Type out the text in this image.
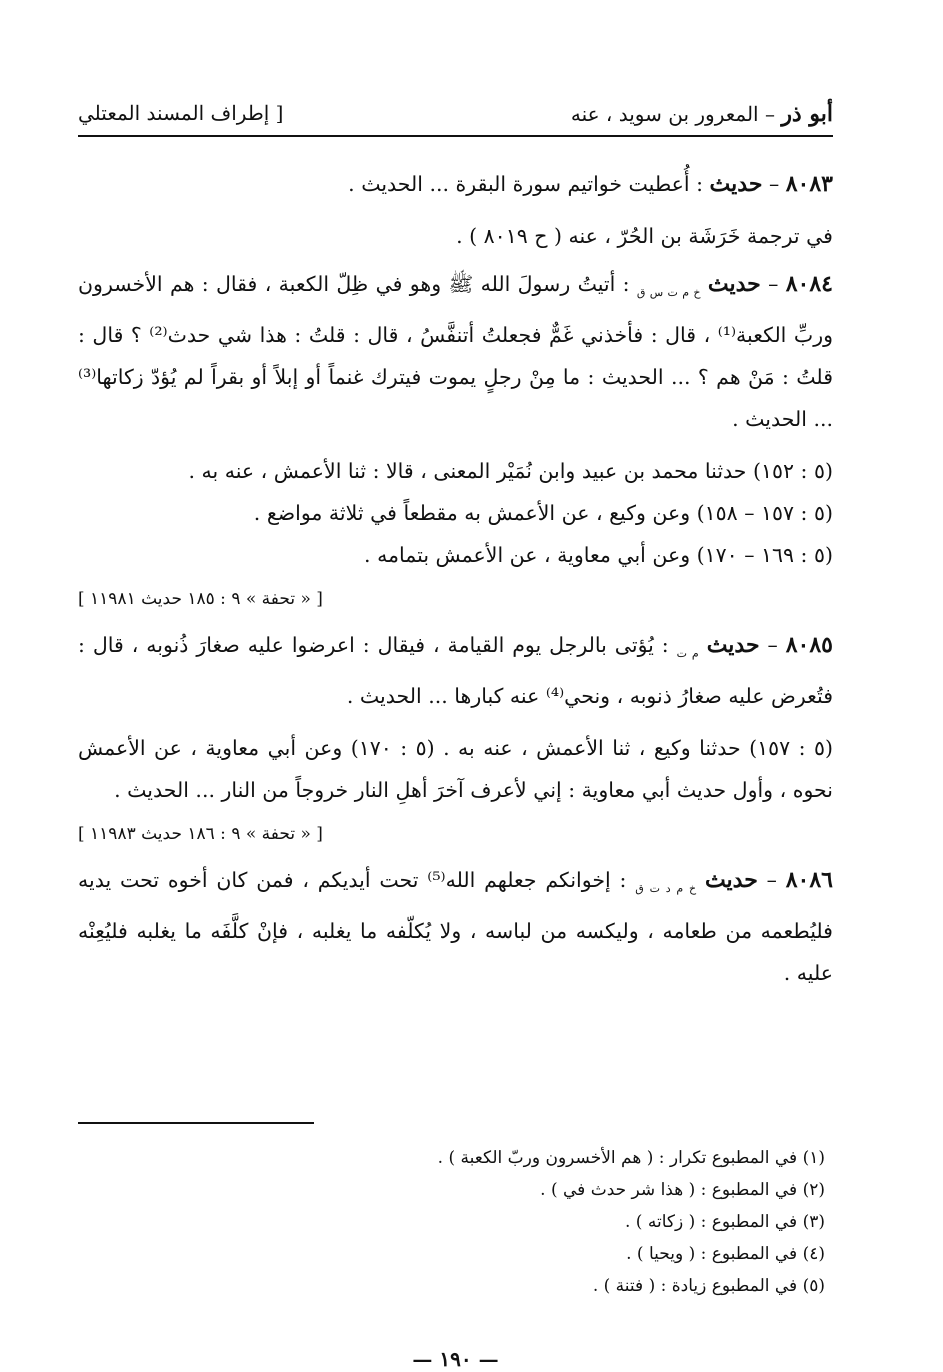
أبو ذر – المعرور بن سويد ، عنه
[ إطراف المسند المعتلي

٨٠٨٣ – حديث : أُعطيت خواتيم سورة البقرة ... الحديث .

في ترجمة خَرَشَة بن الحُرّ ، عنه ( ح ٨٠١٩ ) .

٨٠٨٤ – حديث $_{خ م ت س ق}$ : أتيتُ رسولَ الله ﷺ وهو في ظِلّ الكعبة ، فقال : هم الأخسرون وربِّ الكعبة⁽¹⁾ ، قال : فأخذني غَمٌّ فجعلتُ أتنفَّسُ ، قال : قلتُ : هذا شي حدث⁽²⁾ ؟ قال : قلتُ : مَنْ هم ؟ ... الحديث : ما مِنْ رجلٍ يموت فيترك غنماً أو إبلاً أو بقراً لم يُؤدّ زكاتها⁽³⁾ ... الحديث .

(٥ : ١٥٢) حدثنا محمد بن عبيد وابن نُمَيْر المعنى ، قالا : ثنا الأعمش ، عنه به .

(٥ : ١٥٧ – ١٥٨) وعن وكيع ، عن الأعمش به مقطعاً في ثلاثة مواضع .

(٥ : ١٦٩ – ١٧٠) وعن أبي معاوية ، عن الأعمش بتمامه .

[ « تحفة » ٩ : ١٨٥ حديث ١١٩٨١ ]

٨٠٨٥ – حديث $_{م ت}$ : يُؤتى بالرجل يوم القيامة ، فيقال : اعرضوا عليه صغارَ ذُنوبه ، قال : فتُعرض عليه صغارُ ذنوبه ، ونحي⁽⁴⁾ عنه كبارها ... الحديث .

(٥ : ١٥٧) حدثنا وكيع ، ثنا الأعمش ، عنه به . (٥ : ١٧٠) وعن أبي معاوية ، عن الأعمش نحوه ، وأول حديث أبي معاوية : إني لأعرف آخرَ أهلِ النار خروجاً من النار ... الحديث .

[ « تحفة » ٩ : ١٨٦ حديث ١١٩٨٣ ]

٨٠٨٦ – حديث $_{خ م د ت ق}$ : إخوانكم جعلهم الله⁽⁵⁾ تحت أيديكم ، فمن كان أخوه تحت يديه فليُطعمه من طعامه ، وليكسه من لباسه ، ولا يُكلّفه ما يغلبه ، فإنْ كلَّفَه ما يغلبه فليُعِنْه عليه .

(١) في المطبوع تكرار : ( هم الأخسرون وربّ الكعبة ) .

(٢) في المطبوع : ( هذا شر حدث في ) .

(٣) في المطبوع : ( زكاته ) .

(٤) في المطبوع : ( ويحيا ) .

(٥) في المطبوع زيادة : ( فتنة ) .

— ١٩٠ —
